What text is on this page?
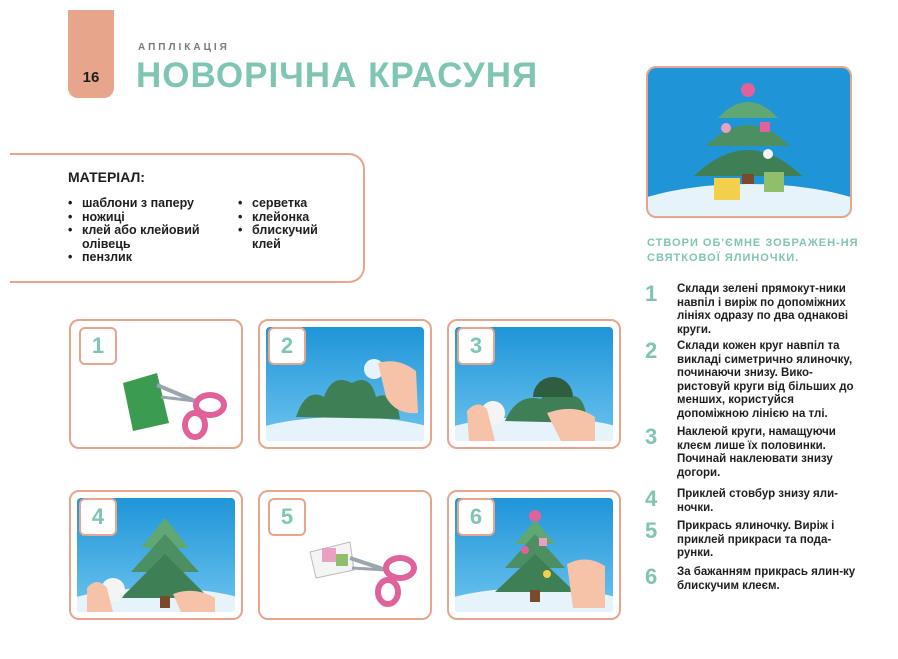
16
АППЛІКАЦІЯ
НОВОРІЧНА КРАСУНЯ
МАТЕРІАЛ:
• шаблони з паперу
• ножиці
• клей або клейовий олівець
• пензлик
• серветка
• клейонка
• блискучий клей
1	2	3
4	5	6
СТВОРИ ОБ'ЄМНЕ ЗОБРАЖЕН-НЯ СВЯТКОВОЇ ЯЛИНОЧКИ.
1 Склади зелені прямокут-ники навпіл і виріж по допоміжних лініях одразу по два однакові круги.
2 Склади кожен круг навпіл та викладі симетрично ялиночку, починаючи знизу. Вико-ристовуй круги від більших до менших, користуйся допоміжною лінією на тлі.
3 Наклеюй круги, намащуючи клеєм лише їх половинки. Починай наклеювати знизу догори.
4 Приклей стовбур знизу яли-ночки.
5 Прикрась ялиночку. Виріж і приклей прикраси та пода-рунки.
6 За бажанням прикрась ялин-ку блискучим клеєм.
